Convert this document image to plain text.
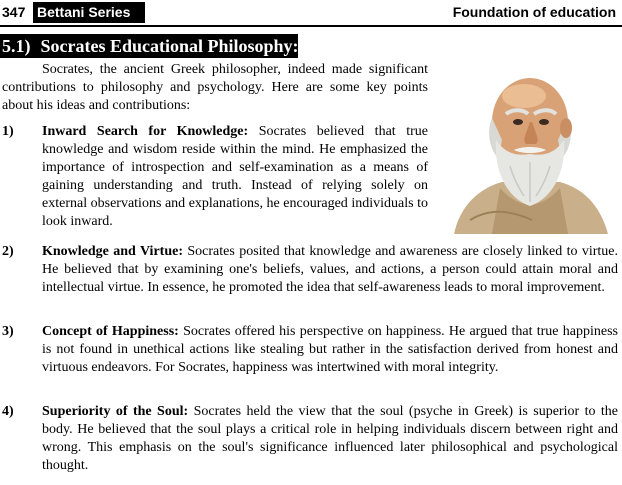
347 Bettani Series	Foundation of education
5.1) Socrates Educational Philosophy:

Socrates, the ancient Greek philosopher, indeed made significant contributions to philosophy and psychology. Here are some key points about his ideas and contributions:

1) Inward Search for Knowledge: Socrates believed that true knowledge and wisdom reside within the mind. He emphasized the importance of introspection and self-examination as a means of gaining understanding and truth. Instead of relying solely on external observations and explanations, he encouraged individuals to look inward.

2) Knowledge and Virtue: Socrates posited that knowledge and awareness are closely linked to virtue. He believed that by examining one's beliefs, values, and actions, a person could attain moral and intellectual virtue. In essence, he promoted the idea that self-awareness leads to moral improvement.

3) Concept of Happiness: Socrates offered his perspective on happiness. He argued that true happiness is not found in unethical actions like stealing but rather in the satisfaction derived from honest and virtuous endeavors. For Socrates, happiness was intertwined with moral integrity.

4) Superiority of the Soul: Socrates held the view that the soul (psyche in Greek) is superior to the body. He believed that the soul plays a critical role in helping individuals discern between right and wrong. This emphasis on the soul's significance influenced later philosophical and psychological thought.
